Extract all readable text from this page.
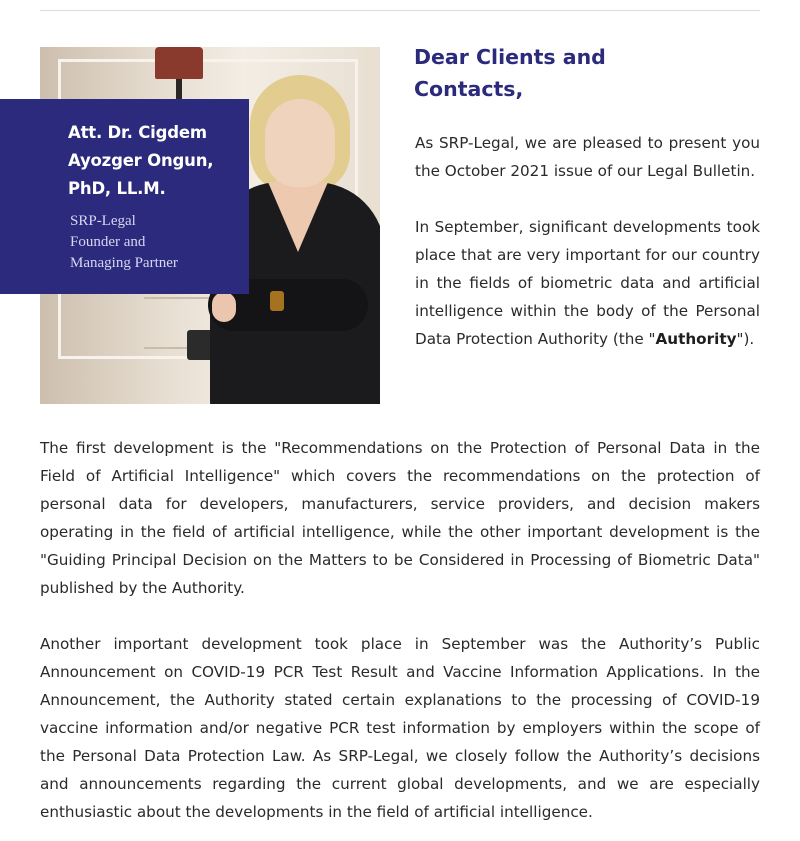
Att. Dr. Cigdem
Ayozger Ongun,
PhD, LL.M.

SRP-Legal
Founder and
Managing Partner

Dear Clients and
Contacts,

As SRP-Legal, we are pleased to present you the October 2021 issue of our Legal Bulletin.

In September, significant developments took place that are very important for our country in the fields of biometric data and artificial intelligence within the body of the Personal Data Protection Authority (the "Authority").

The first development is the "Recommendations on the Protection of Personal Data in the Field of Artificial Intelligence" which covers the recommendations on the protection of personal data for developers, manufacturers, service providers, and decision makers operating in the field of artificial intelligence, while the other important development is the "Guiding Principal Decision on the Matters to be Considered in Processing of Biometric Data" published by the Authority.

Another important development took place in September was the Authority’s Public Announcement on COVID-19 PCR Test Result and Vaccine Information Applications. In the Announcement, the Authority stated certain explanations to the processing of COVID-19 vaccine information and/or negative PCR test information by employers within the scope of the Personal Data Protection Law. As SRP-Legal, we closely follow the Authority’s decisions and announcements regarding the current global developments, and we are especially enthusiastic about the developments in the field of artificial intelligence.
